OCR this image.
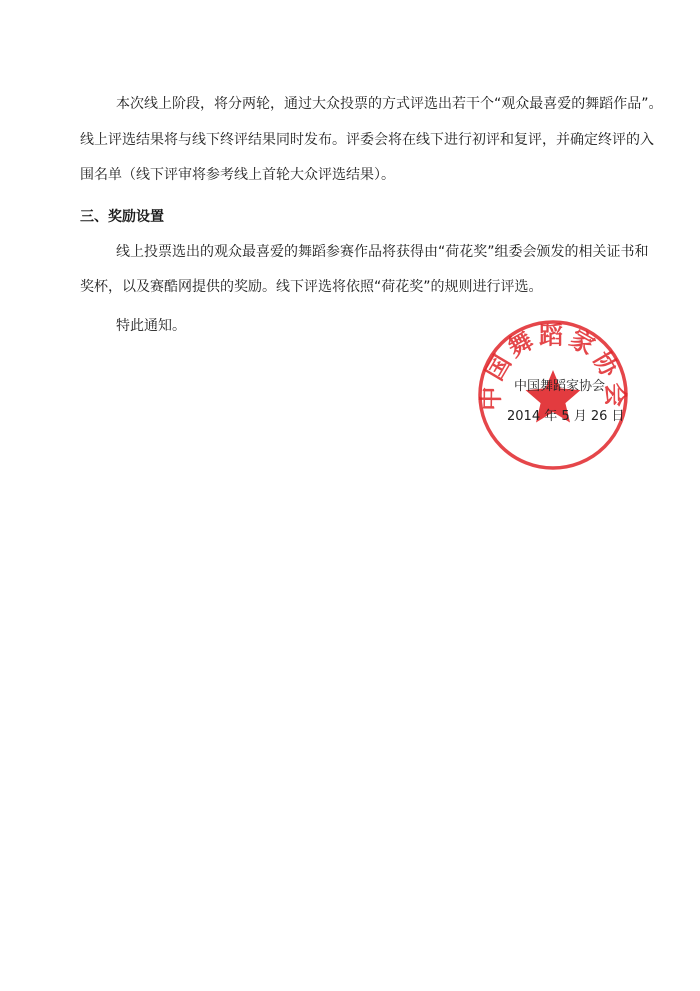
本次线上阶段，将分两轮，通过大众投票的方式评选出若干个“观众最喜爱的舞蹈作品”。

线上评选结果将与线下终评结果同时发布。评委会将在线下进行初评和复评，并确定终评的入

围名单（线下评审将参考线上首轮大众评选结果）。

三、奖励设置

线上投票选出的观众最喜爱的舞蹈参赛作品将获得由“荷花奖”组委会颁发的相关证书和

奖杯，以及赛酷网提供的奖励。线下评选将依照“荷花奖”的规则进行评选。

特此通知。

中国舞蹈家协会
中国舞蹈家协会
2014 年 5 月 26 日
